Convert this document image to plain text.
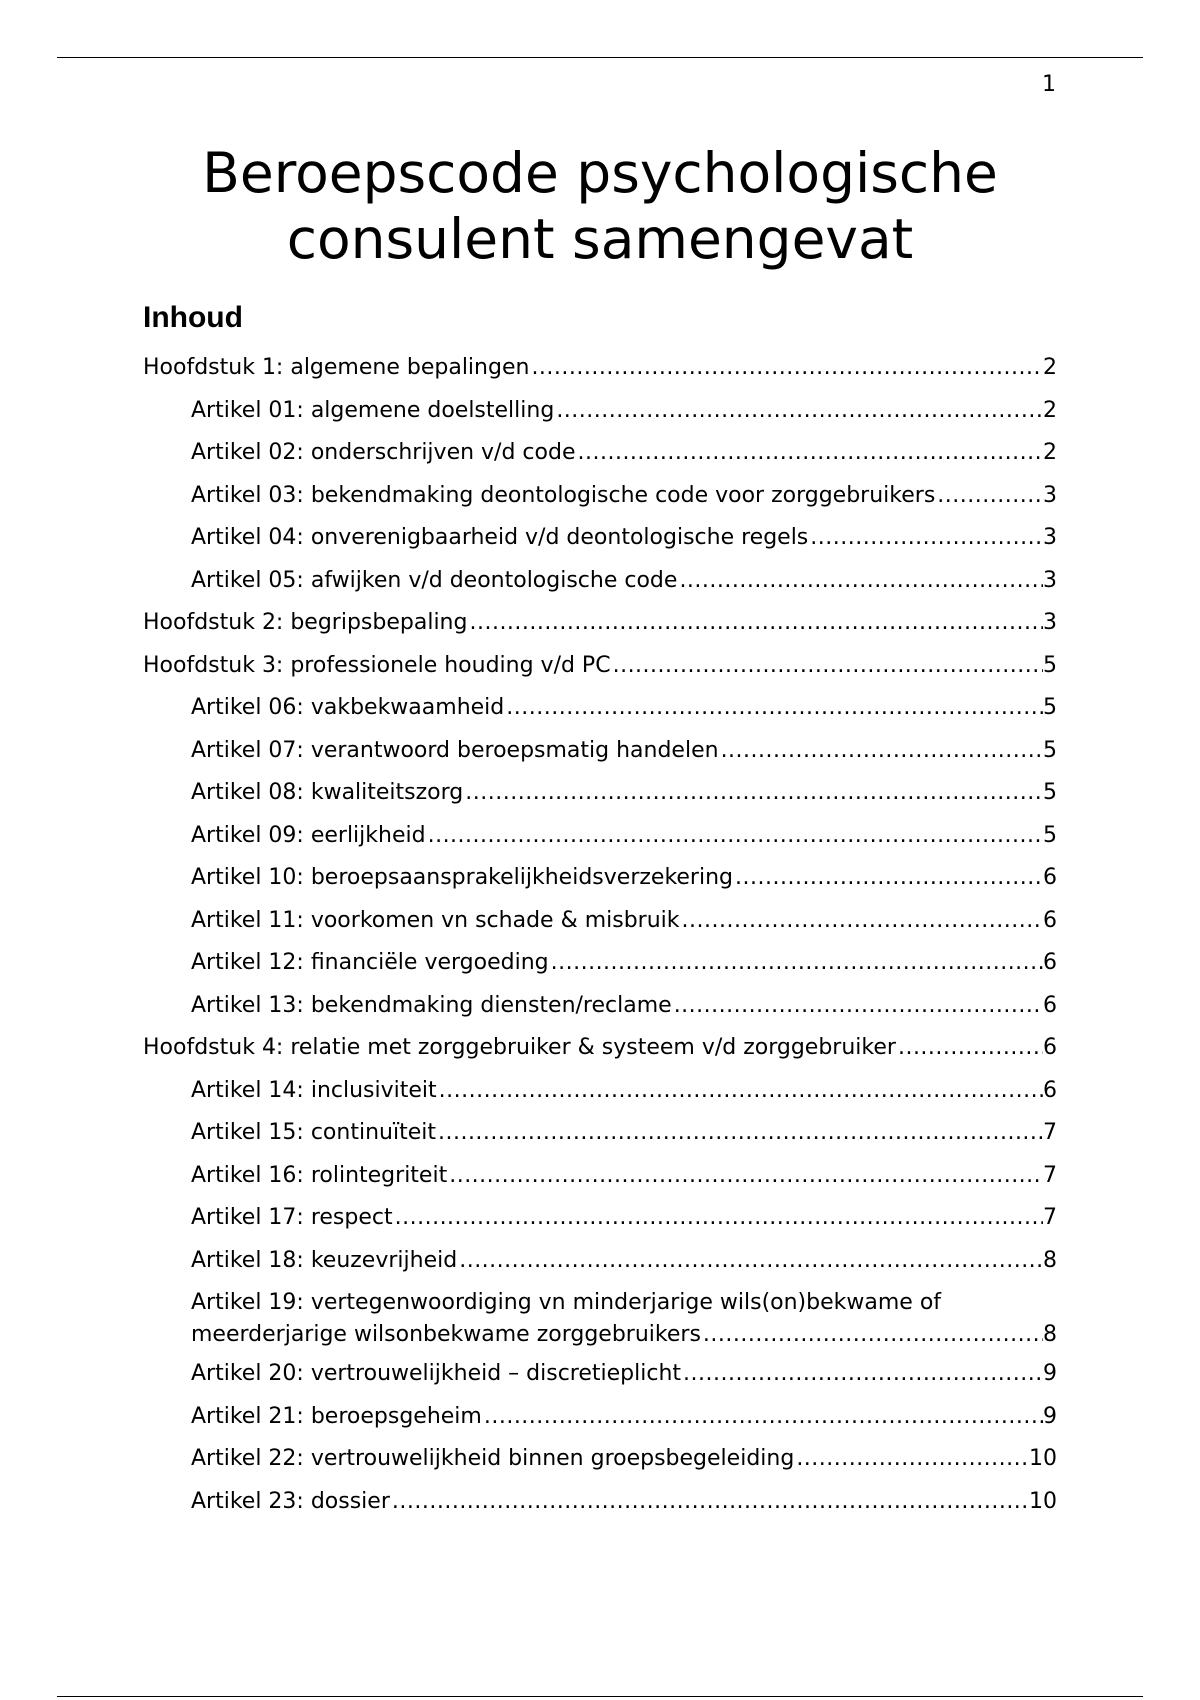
1
Beroepscode psychologische consulent samengevat
Inhoud
Hoofdstuk 1: algemene bepalingen .....	2
Artikel 01: algemene doelstelling .....	2
Artikel 02: onderschrijven v/d code .....	2
Artikel 03: bekendmaking deontologische code voor zorggebruikers .....	3
Artikel 04: onverenigbaarheid v/d deontologische regels .....	3
Artikel 05: afwijken v/d deontologische code .....	3
Hoofdstuk 2: begripsbepaling .....	3
Hoofdstuk 3: professionele houding v/d PC .....	5
Artikel 06: vakbekwaamheid .....	5
Artikel 07: verantwoord beroepsmatig handelen .....	5
Artikel 08: kwaliteitszorg .....	5
Artikel 09: eerlijkheid .....	5
Artikel 10: beroepsaansprakelijkheidsverzekering .....	6
Artikel 11: voorkomen vn schade & misbruik .....	6
Artikel 12: financiële vergoeding .....	6
Artikel 13: bekendmaking diensten/reclame .....	6
Hoofdstuk 4: relatie met zorggebruiker & systeem v/d zorggebruiker .....	6
Artikel 14: inclusiviteit .....	6
Artikel 15: continuïteit .....	7
Artikel 16: rolintegriteit .....	7
Artikel 17: respect .....	7
Artikel 18: keuzevrijheid .....	8
Artikel 19: vertegenwoordiging vn minderjarige wils(on)bekwame of
meerderjarige wilsonbekwame zorggebruikers .....	8
Artikel 20: vertrouwelijkheid – discretieplicht .....	9
Artikel 21: beroepsgeheim .....	9
Artikel 22: vertrouwelijkheid binnen groepsbegeleiding .....	10
Artikel 23: dossier .....	10
